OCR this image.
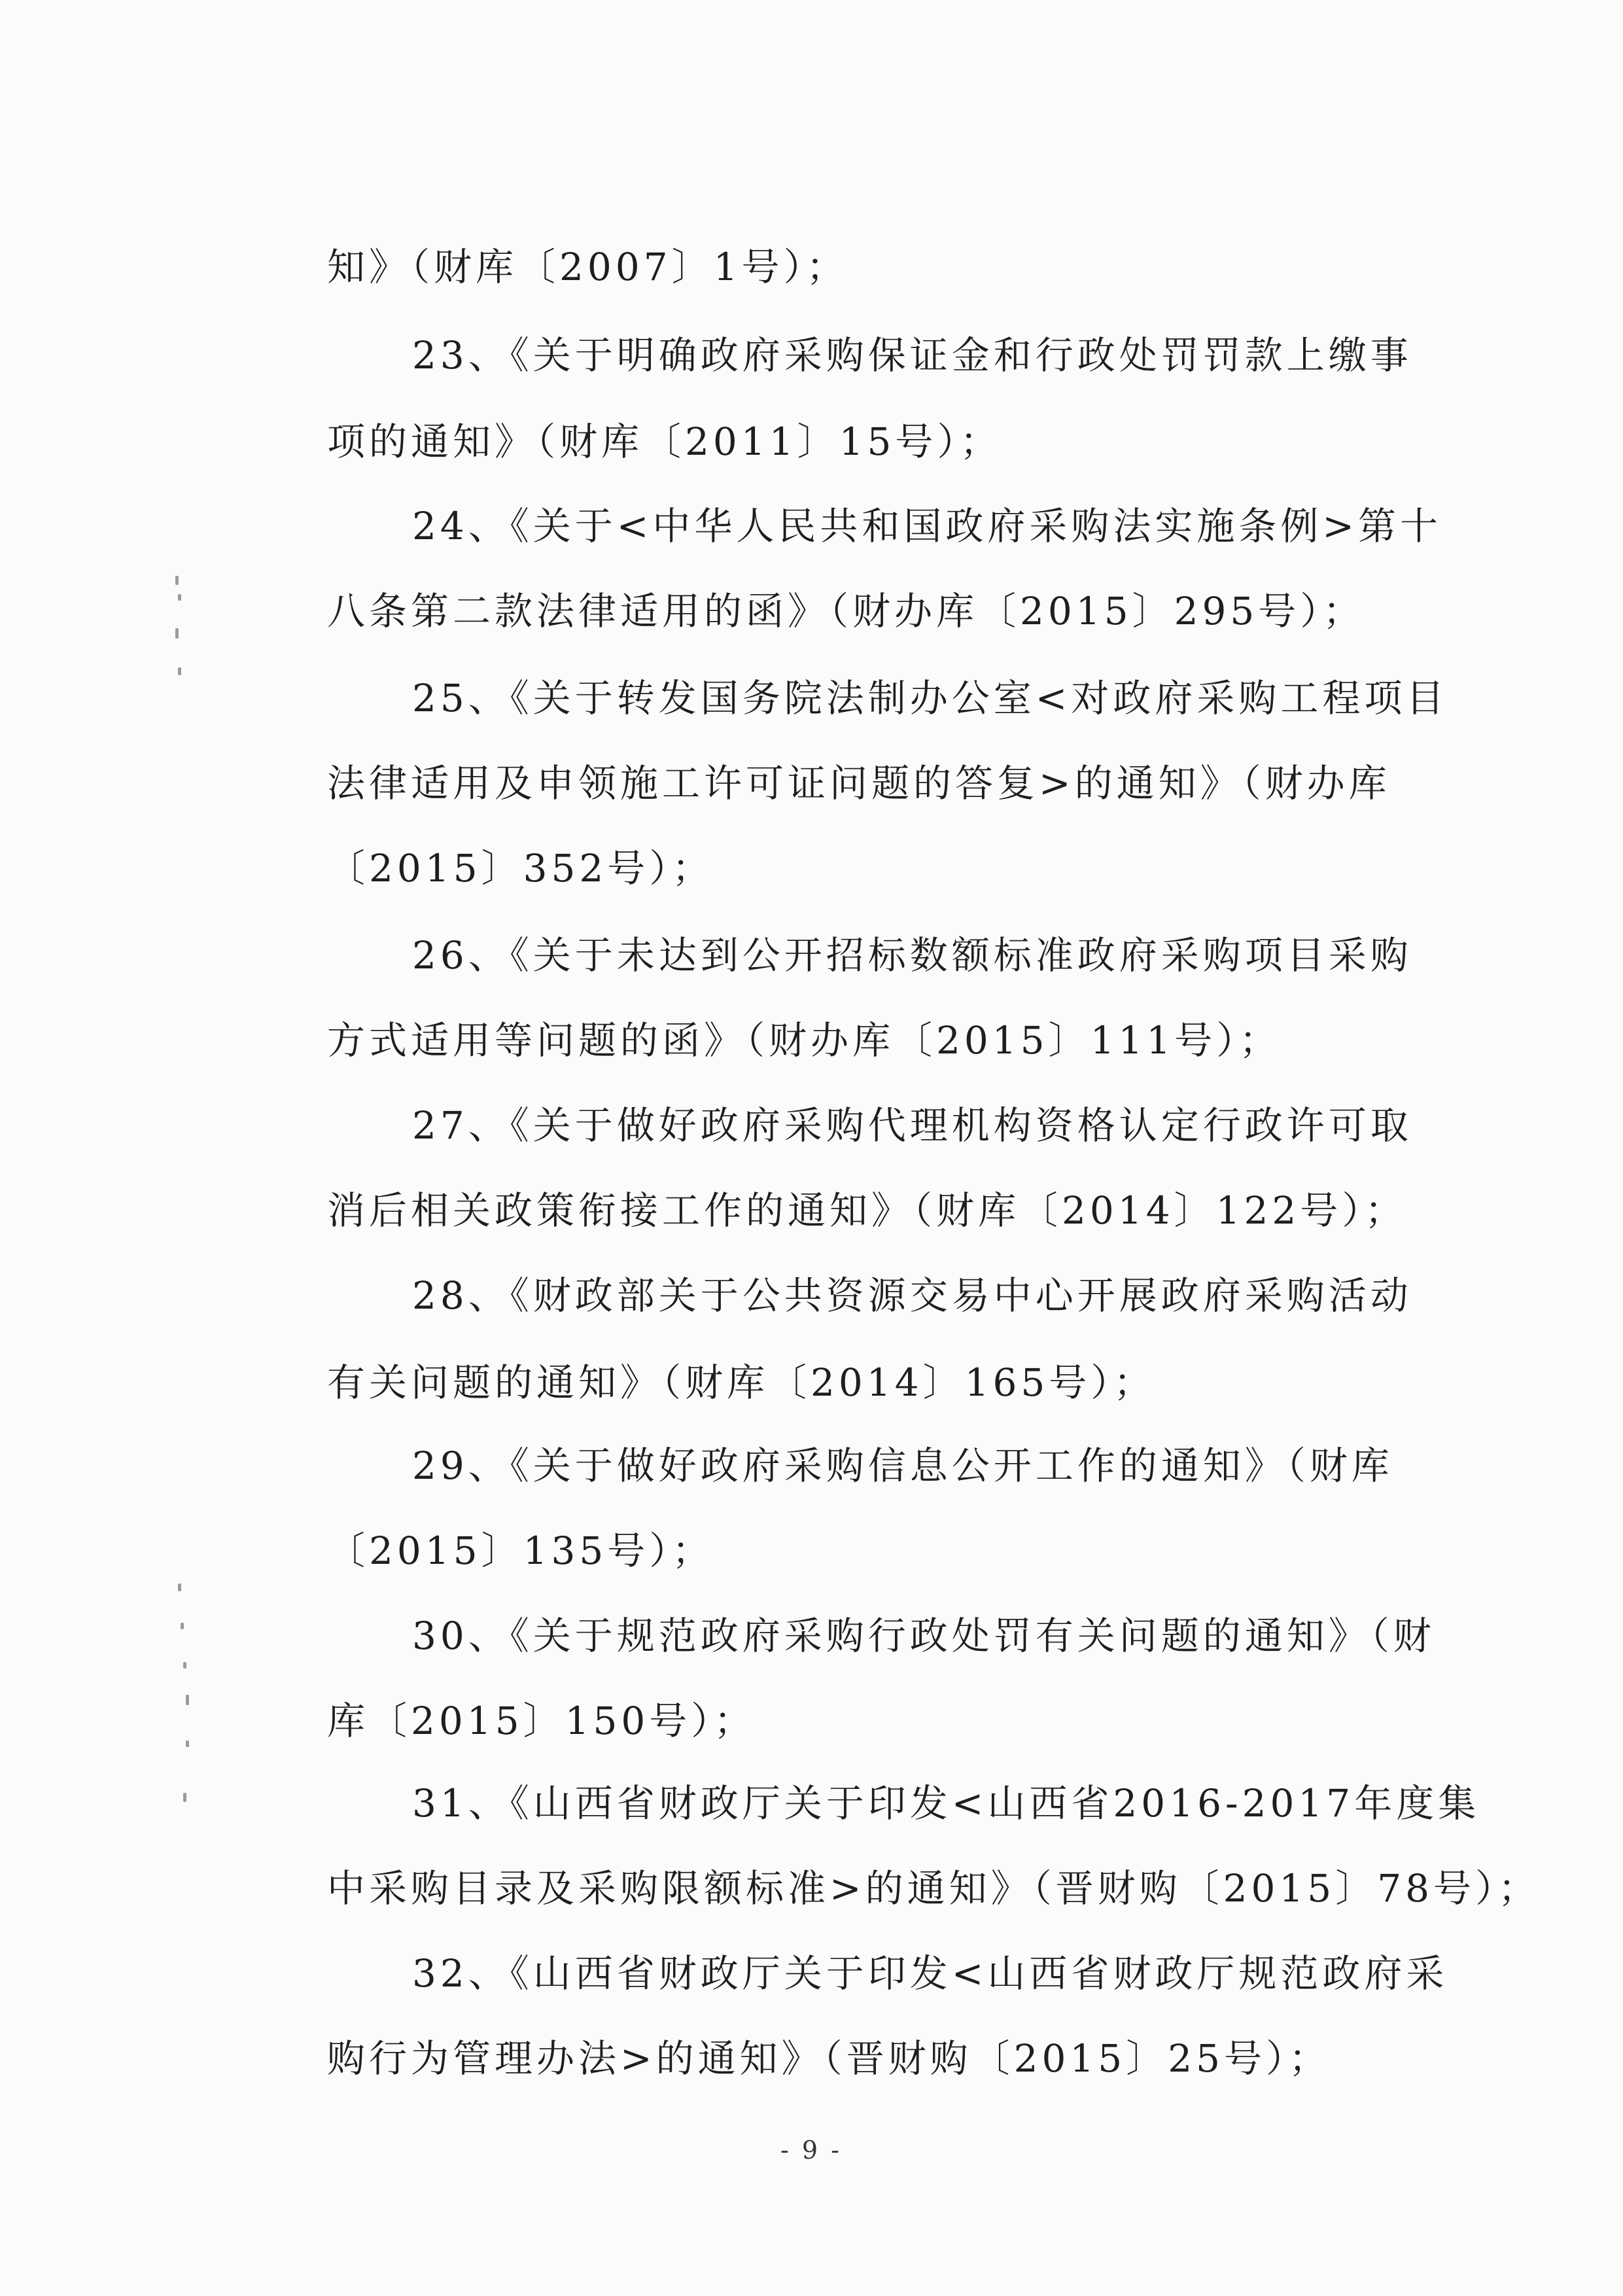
知》（财库〔2007〕1号）；
23、《关于明确政府采购保证金和行政处罚罚款上缴事
项的通知》（财库〔2011〕15号）；
24、《关于<中华人民共和国政府采购法实施条例>第十
八条第二款法律适用的函》（财办库〔2015〕295号）；
25、《关于转发国务院法制办公室<对政府采购工程项目
法律适用及申领施工许可证问题的答复>的通知》（财办库
〔2015〕352号）；
26、《关于未达到公开招标数额标准政府采购项目采购
方式适用等问题的函》（财办库〔2015〕111号）；
27、《关于做好政府采购代理机构资格认定行政许可取
消后相关政策衔接工作的通知》（财库〔2014〕122号）；
28、《财政部关于公共资源交易中心开展政府采购活动
有关问题的通知》（财库〔2014〕165号）；
29、《关于做好政府采购信息公开工作的通知》（财库
〔2015〕135号）；
30、《关于规范政府采购行政处罚有关问题的通知》（财
库〔2015〕150号）；
31、《山西省财政厅关于印发<山西省2016-2017年度集
中采购目录及采购限额标准>的通知》（晋财购〔2015〕78号）；
32、《山西省财政厅关于印发<山西省财政厅规范政府采
购行为管理办法>的通知》（晋财购〔2015〕25号）；
- 9 -
